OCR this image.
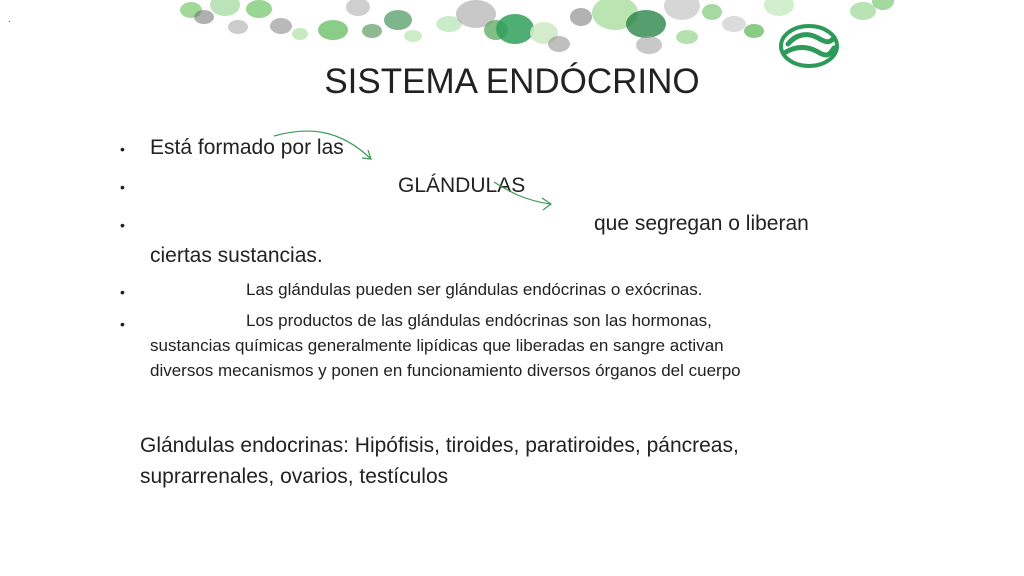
.
SISTEMA ENDÓCRINO
• Está formado por las
•	GLÁNDULAS
•	que segregan o liberan
ciertas sustancias.
•	Las glándulas pueden ser glándulas endócrinas o exócrinas.
•	Los productos de las glándulas endócrinas son las hormonas,
sustancias químicas generalmente lipídicas que liberadas en sangre activan
diversos mecanismos y ponen en funcionamiento diversos órganos del cuerpo
Glándulas endocrinas: Hipófisis, tiroides, paratiroides, páncreas,
suprarrenales, ovarios, testículos
